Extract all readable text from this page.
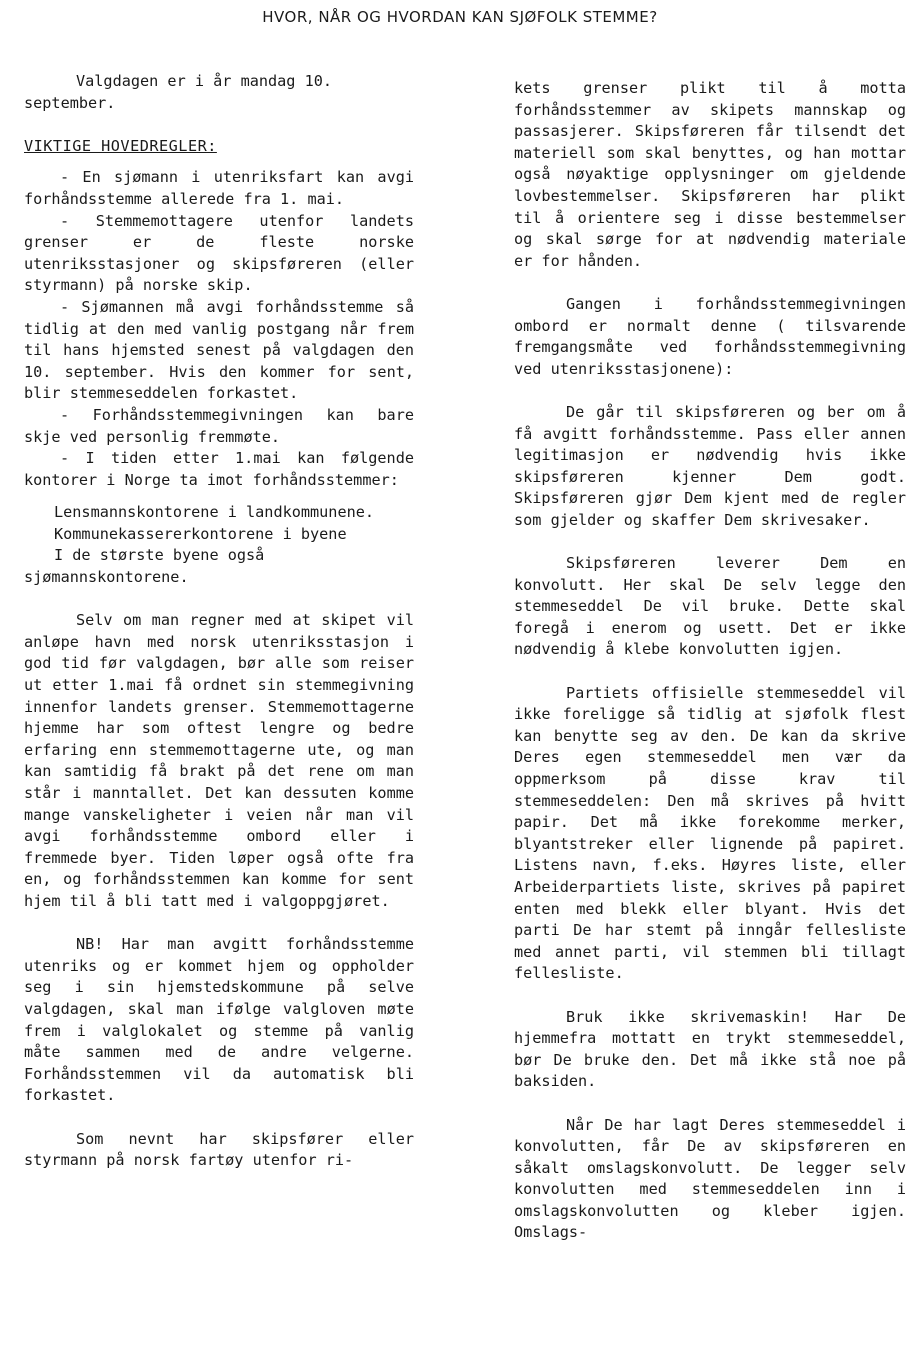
HVOR, NÅR OG HVORDAN KAN SJØFOLK STEMME?

Valgdagen er i år mandag 10. september.

VIKTIGE HOVEDREGLER:

- En sjømann i utenriksfart kan avgi forhåndsstemme allerede fra 1. mai.

- Stemmemottagere utenfor landets grenser er de fleste norske utenriksstasjoner og skipsføreren (eller styrmann) på norske skip.

- Sjømannen må avgi forhåndsstemme så tidlig at den med vanlig postgang når frem til hans hjemsted senest på valgdagen den 10. september. Hvis den kommer for sent, blir stemmeseddelen forkastet.

- Forhåndsstemmegivningen kan bare skje ved personlig fremmøte.

- I tiden etter 1.mai kan følgende kontorer i Norge ta imot forhåndsstemmer:

Lensmannskontorene i landkommunene.

Kommunekassererkontorene i byene

I de største byene også sjømannskontorene.

Selv om man regner med at skipet vil anløpe havn med norsk utenriksstasjon i god tid før valgdagen, bør alle som reiser ut etter 1.mai få ordnet sin stemmegivning innenfor landets grenser. Stemmemottagerne hjemme har som oftest lengre og bedre erfaring enn stemmemottagerne ute, og man kan samtidig få brakt på det rene om man står i manntallet. Det kan dessuten komme mange vanskeligheter i veien når man vil avgi forhåndsstemme ombord eller i fremmede byer. Tiden løper også ofte fra en, og forhåndsstemmen kan komme for sent hjem til å bli tatt med i valgoppgjøret.

NB! Har man avgitt forhåndsstemme utenriks og er kommet hjem og oppholder seg i sin hjemstedskommune på selve valgdagen, skal man ifølge valgloven møte frem i valglokalet og stemme på vanlig måte sammen med de andre velgerne. Forhåndsstemmen vil da automatisk bli forkastet.

Som nevnt har skipsfører eller styrmann på norsk fartøy utenfor ri-

kets grenser plikt til å motta forhåndsstemmer av skipets mannskap og passasjerer. Skipsføreren får tilsendt det materiell som skal benyttes, og han mottar også nøyaktige opplysninger om gjeldende lovbestemmelser. Skipsføreren har plikt til å orientere seg i disse bestemmelser og skal sørge for at nødvendig materiale er for hånden.

Gangen i forhåndsstemmegivningen ombord er normalt denne ( tilsvarende fremgangsmåte ved forhåndsstemmegivning ved utenriksstasjonene):

De går til skipsføreren og ber om å få avgitt forhåndsstemme. Pass eller annen legitimasjon er nødvendig hvis ikke skipsføreren kjenner Dem godt. Skipsføreren gjør Dem kjent med de regler som gjelder og skaffer Dem skrivesaker.

Skipsføreren leverer Dem en konvolutt. Her skal De selv legge den stemmeseddel De vil bruke. Dette skal foregå i enerom og usett. Det er ikke nødvendig å klebe konvolutten igjen.

Partiets offisielle stemmeseddel vil ikke foreligge så tidlig at sjøfolk flest kan benytte seg av den. De kan da skrive Deres egen stemmeseddel men vær da oppmerksom på disse krav til stemmeseddelen: Den må skrives på hvitt papir. Det må ikke forekomme merker, blyantstreker eller lignende på papiret. Listens navn, f.eks. Høyres liste, eller Arbeiderpartiets liste, skrives på papiret enten med blekk eller blyant. Hvis det parti De har stemt på inngår fellesliste med annet parti, vil stemmen bli tillagt fellesliste.

Bruk ikke skrivemaskin! Har De hjemmefra mottatt en trykt stemmeseddel, bør De bruke den. Det må ikke stå noe på baksiden.

Når De har lagt Deres stemmeseddel i konvolutten, får De av skipsføreren en såkalt omslagskonvolutt. De legger selv konvolutten med stemmeseddelen inn i omslagskonvolutten og kleber igjen. Omslags-
